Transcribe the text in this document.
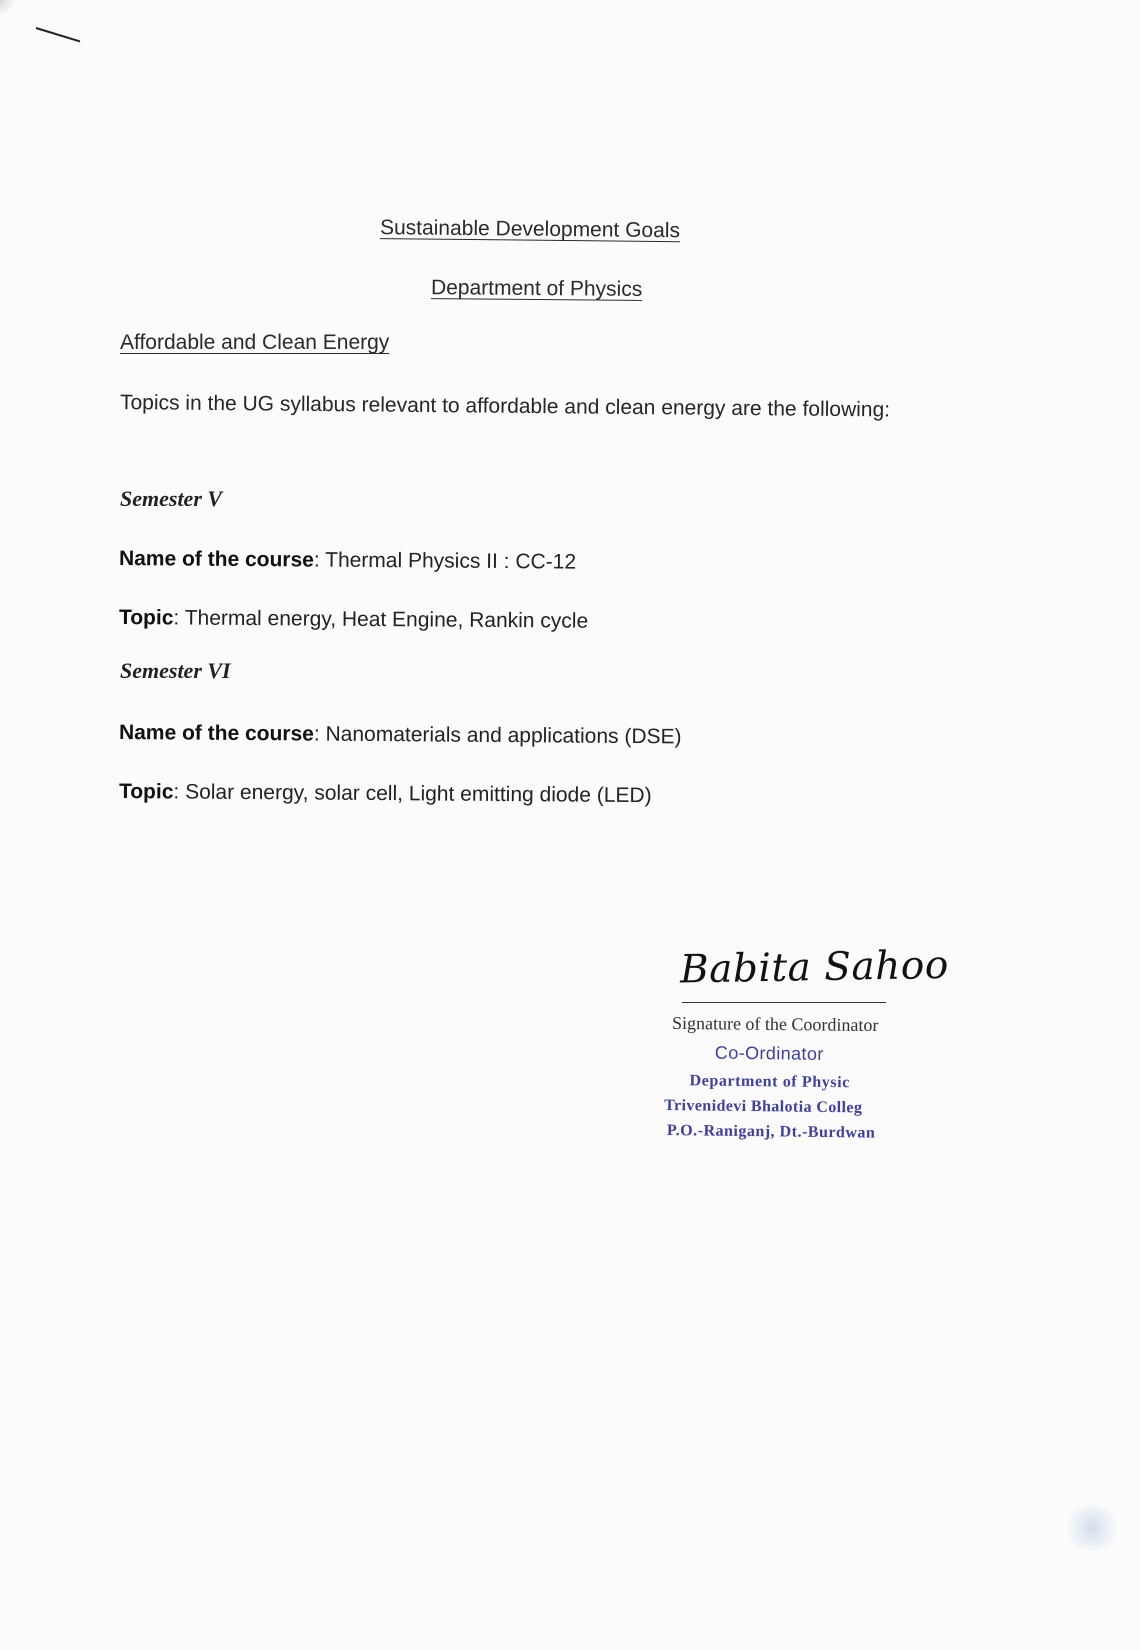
Sustainable Development Goals
Department of Physics
Affordable and Clean Energy
Topics in the UG syllabus relevant to affordable and clean energy are the following:
Semester V
Name of the course: Thermal Physics II : CC-12
Topic: Thermal energy, Heat Engine, Rankin cycle
Semester VI
Name of the course: Nanomaterials and applications (DSE)
Topic: Solar energy, solar cell, Light emitting diode (LED)
Babita Sahoo
Signature of the Coordinator
Co-Ordinator
Department of Physic
Trivenidevi Bhalotia Colleg
P.O.-Raniganj, Dt.-Burdwan
